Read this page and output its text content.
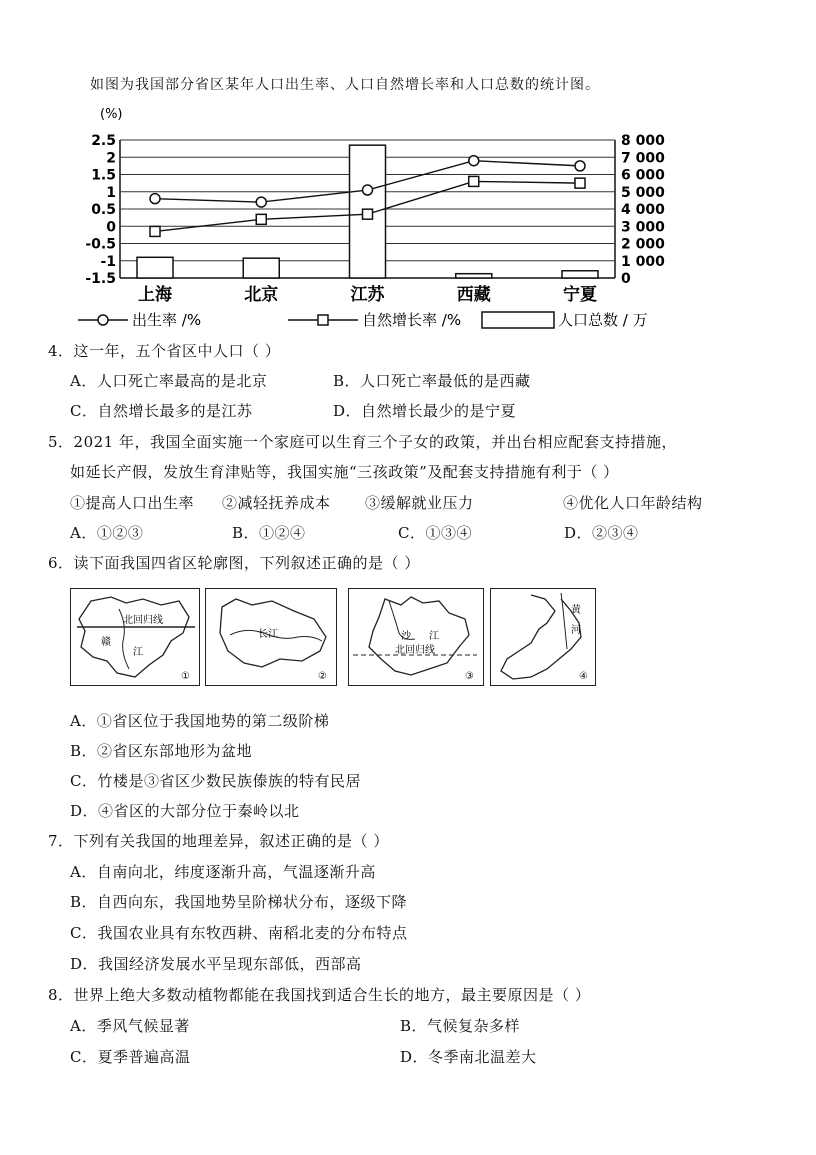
如图为我国部分省区某年人口出生率、人口自然增长率和人口总数的统计图。
(%)
2.5
2
1.5
1
0.5
0
-0.5
-1
-1.5
8 000
7 000
6 000
5 000
4 000
3 000
2 000
1 000
0
上海	北京	江苏	西藏	宁夏
出生率 /%	自然增长率 /%	人口总数 / 万
4．这一年，五个省区中人口（ ）
A．人口死亡率最高的是北京	B．人口死亡率最低的是西藏
C．自然增长最多的是江苏	D．自然增长最少的是宁夏
5．2021 年，我国全面实施一个家庭可以生育三个子女的政策，并出台相应配套支持措施，
如延长产假，发放生育津贴等，我国实施“三孩政策”及配套支持措施有利于（ ）
①提高人口出生率 ②减轻抚养成本 ③缓解就业压力	④优化人口年龄结构
A．①②③	B．①②④	C．①③④	D．②③④
6．读下面我国四省区轮廓图，下列叙述正确的是（ ）
北回归线
赣
江
①
长江
②
沙 江
北回归线
③
黄
河
④
A．①省区位于我国地势的第二级阶梯
B．②省区东部地形为盆地
C．竹楼是③省区少数民族傣族的特有民居
D．④省区的大部分位于秦岭以北
7．下列有关我国的地理差异，叙述正确的是（ ）
A．自南向北，纬度逐渐升高，气温逐渐升高
B．自西向东，我国地势呈阶梯状分布，逐级下降
C．我国农业具有东牧西耕、南稻北麦的分布特点
D．我国经济发展水平呈现东部低，西部高
8．世界上绝大多数动植物都能在我国找到适合生长的地方，最主要原因是（ ）
A．季风气候显著	B．气候复杂多样
C．夏季普遍高温	D．冬季南北温差大
